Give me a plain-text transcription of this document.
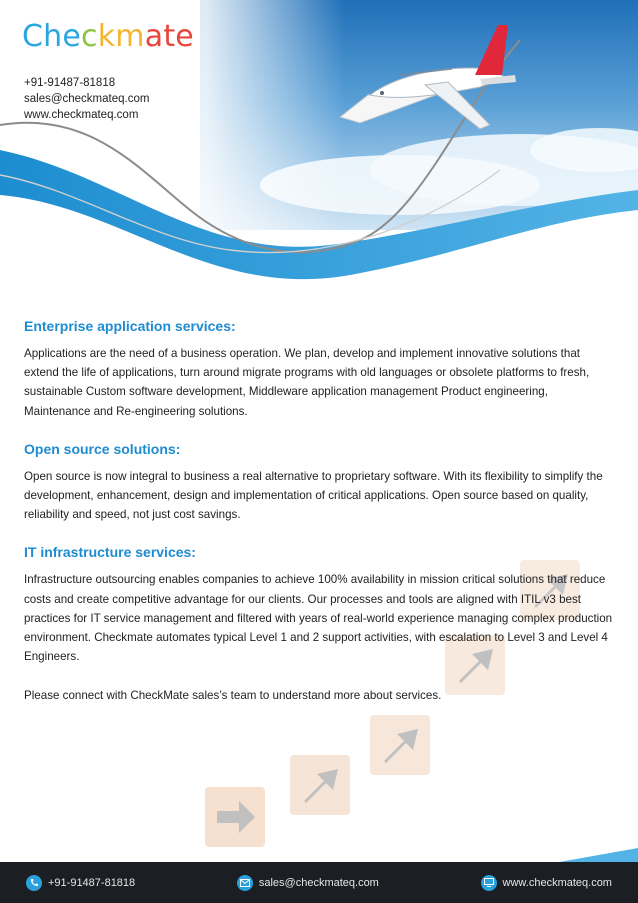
Checkmate
+91-91487-81818
sales@checkmateq.com
www.checkmateq.com
Enterprise application services:

Applications are the need of a business operation. We plan, develop and implement innovative solutions that extend the life of applications, turn around migrate programs with old languages or obsolete platforms to fresh, sustainable Custom software development, Middleware application management Product engineering, Maintenance and Re-engineering solutions.

Open source solutions:

Open source is now integral to business a real alternative to proprietary software. With its flexibility to simplify the development, enhancement, design and implementation of critical applications. Open source based on quality, reliability and speed, not just cost savings.

IT infrastructure services:

Infrastructure outsourcing enables companies to achieve 100% availability in mission critical solutions that reduce costs and create competitive advantage for our clients. Our processes and tools are aligned with ITIL v3 best practices for IT service management and filtered with years of real-world experience managing complex production environment. Checkmate automates typical Level 1 and 2 support activities, with escalation to Level 3 and Level 4 Engineers.

Please connect with CheckMate sales’s team to understand more about services.

+91-91487-81818	sales@checkmateq.com	www.checkmateq.com
